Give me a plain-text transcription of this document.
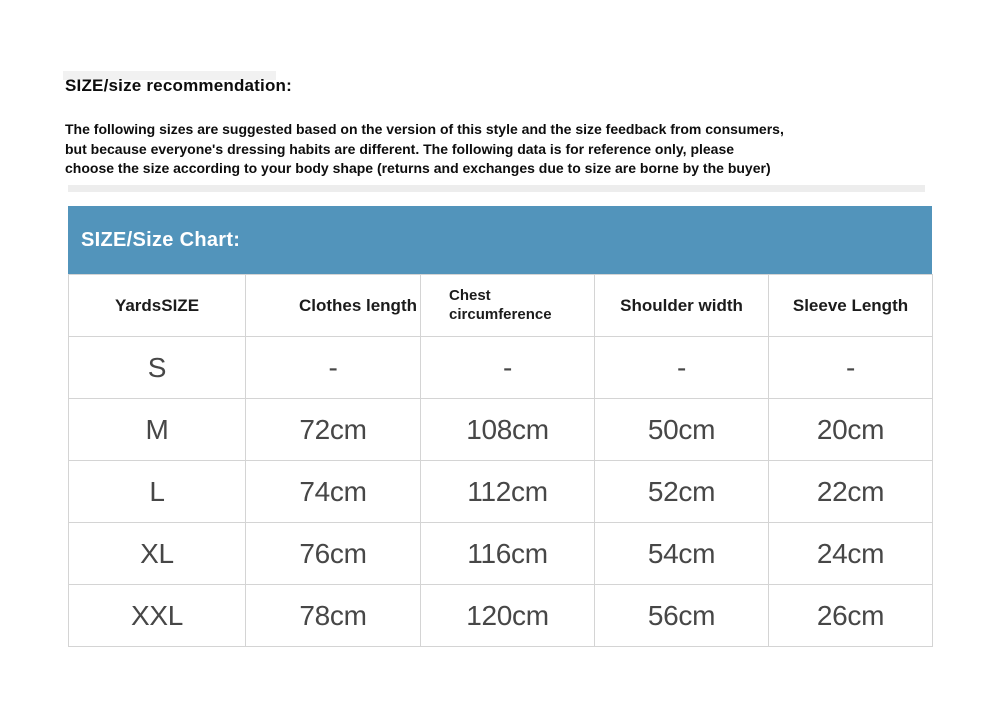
SIZE/size recommendation:
The following sizes are suggested based on the version of this style and the size feedback from consumers,
but because everyone's dressing habits are different. The following data is for reference only, please
choose the size according to your body shape (returns and exchanges due to size are borne by the buyer)
SIZE/Size Chart:
YardsSIZE	Clothes length	Chest circumference	Shoulder width	Sleeve Length
S	-	-	-	-
M	72cm	108cm	50cm	20cm
L	74cm	112cm	52cm	22cm
XL	76cm	116cm	54cm	24cm
XXL	78cm	120cm	56cm	26cm
